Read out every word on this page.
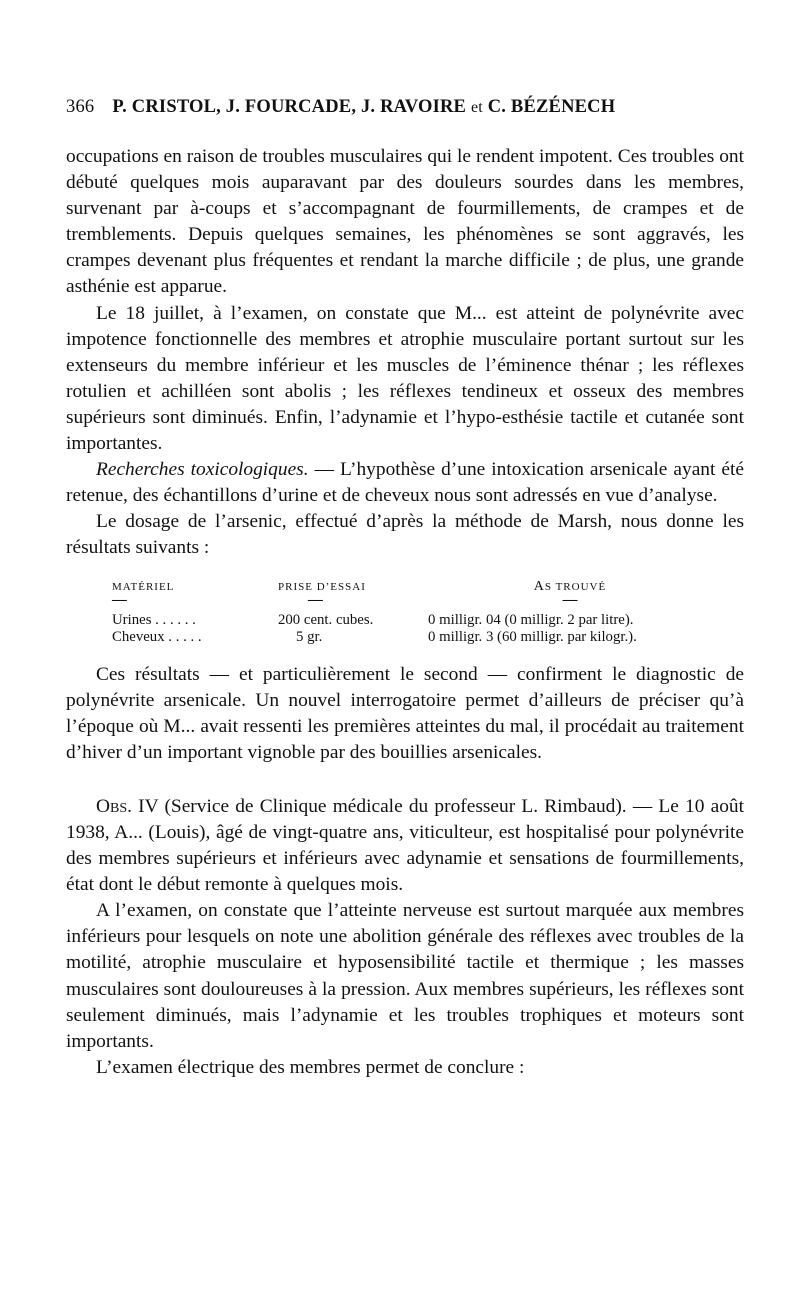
366 P. CRISTOL, J. FOURCADE, J. RAVOIRE et C. BÉZÉNECH

occupations en raison de troubles musculaires qui le rendent impotent. Ces troubles ont débuté quelques mois auparavant par des douleurs sourdes dans les membres, survenant par à-coups et s’accompagnant de fourmillements, de crampes et de tremblements. Depuis quelques semaines, les phénomènes se sont aggravés, les crampes devenant plus fréquentes et rendant la marche difficile ; de plus, une grande asthénie est apparue.

Le 18 juillet, à l’examen, on constate que M... est atteint de polynévrite avec impotence fonctionnelle des membres et atrophie musculaire portant surtout sur les extenseurs du membre inférieur et les muscles de l’éminence thénar ; les réflexes rotulien et achilléen sont abolis ; les réflexes tendineux et osseux des membres supérieurs sont diminués. Enfin, l’adynamie et l’hypo-esthésie tactile et cutanée sont importantes.

Recherches toxicologiques. — L’hypothèse d’une intoxication arsenicale ayant été retenue, des échantillons d’urine et de cheveux nous sont adressés en vue d’analyse.

Le dosage de l’arsenic, effectué d’après la méthode de Marsh, nous donne les résultats suivants :

MATÉRIEL	PRISE D’ESSAI	AS TROUVÉ
—	—	—
Urines . . . . . .	200 cent. cubes.	0 milligr. 04 (0 milligr. 2 par litre).
Cheveux . . . . .	5 gr.	0 milligr. 3 (60 milligr. par kilogr.).

Ces résultats — et particulièrement le second — confirment le diagnostic de polynévrite arsenicale. Un nouvel interrogatoire permet d’ailleurs de préciser qu’à l’époque où M... avait ressenti les premières atteintes du mal, il procédait au traitement d’hiver d’un important vignoble par des bouillies arsenicales.

Obs. IV (Service de Clinique médicale du professeur L. Rimbaud). — Le 10 août 1938, A... (Louis), âgé de vingt-quatre ans, viticulteur, est hospitalisé pour polynévrite des membres supérieurs et inférieurs avec adynamie et sensations de fourmillements, état dont le début remonte à quelques mois.

A l’examen, on constate que l’atteinte nerveuse est surtout marquée aux membres inférieurs pour lesquels on note une abolition générale des réflexes avec troubles de la motilité, atrophie musculaire et hyposensibilité tactile et thermique ; les masses musculaires sont douloureuses à la pression. Aux membres supérieurs, les réflexes sont seulement diminués, mais l’adynamie et les troubles trophiques et moteurs sont importants.

L’examen électrique des membres permet de conclure :
